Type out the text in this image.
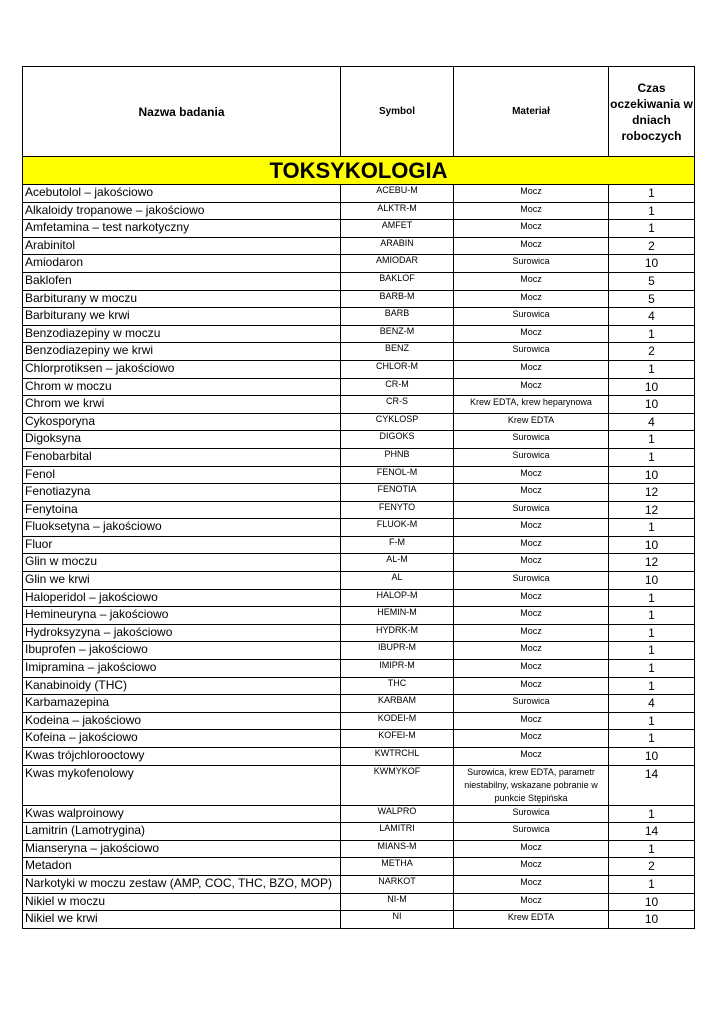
Nazwa badania	Symbol	Materiał	Czas oczekiwania w dniach roboczych
TOKSYKOLOGIA			
Acebutolol – jakościowo	ACEBU-M	Mocz	1
Alkaloidy tropanowe – jakościowo	ALKTR-M	Mocz	1
Amfetamina – test narkotyczny	AMFET	Mocz	1
Arabinitol	ARABIN	Mocz	2
Amiodaron	AMIODAR	Surowica	10
Baklofen	BAKLOF	Mocz	5
Barbiturany w moczu	BARB-M	Mocz	5
Barbiturany we krwi	BARB	Surowica	4
Benzodiazepiny w moczu	BENZ-M	Mocz	1
Benzodiazepiny we krwi	BENZ	Surowica	2
Chlorprotiksen – jakościowo	CHLOR-M	Mocz	1
Chrom w moczu	CR-M	Mocz	10
Chrom we krwi	CR-S	Krew EDTA, krew heparynowa	10
Cykosporyna	CYKLOSP	Krew EDTA	4
Digoksyna	DIGOKS	Surowica	1
Fenobarbital	PHNB	Surowica	1
Fenol	FENOL-M	Mocz	10
Fenotiazyna	FENOTIA	Mocz	12
Fenytoina	FENYTO	Surowica	12
Fluoksetyna – jakościowo	FLUOK-M	Mocz	1
Fluor	F-M	Mocz	10
Glin w moczu	AL-M	Mocz	12
Glin we krwi	AL	Surowica	10
Haloperidol – jakościowo	HALOP-M	Mocz	1
Hemineuryna – jakościowo	HEMIN-M	Mocz	1
Hydroksyzyna – jakościowo	HYDRK-M	Mocz	1
Ibuprofen – jakościowo	IBUPR-M	Mocz	1
Imipramina – jakościowo	IMIPR-M	Mocz	1
Kanabinoidy (THC)	THC	Mocz	1
Karbamazepina	KARBAM	Surowica	4
Kodeina – jakościowo	KODEI-M	Mocz	1
Kofeina – jakościowo	KOFEI-M	Mocz	1
Kwas trójchlorooctowy	KWTRCHL	Mocz	10
Kwas mykofenolowy	KWMYKOF	Surowica, krew EDTA, parametr niestabilny, wskazane pobranie w punkcie Stępińska	14
Kwas walproinowy	WALPRO	Surowica	1
Lamitrin (Lamotrygina)	LAMITRI	Surowica	14
Mianseryna – jakościowo	MIANS-M	Mocz	1
Metadon	METHA	Mocz	2
Narkotyki w moczu zestaw (AMP, COC, THC, BZO, MOP)	NARKOT	Mocz	1
Nikiel w moczu	NI-M	Mocz	10
Nikiel we krwi	NI	Krew EDTA	10
